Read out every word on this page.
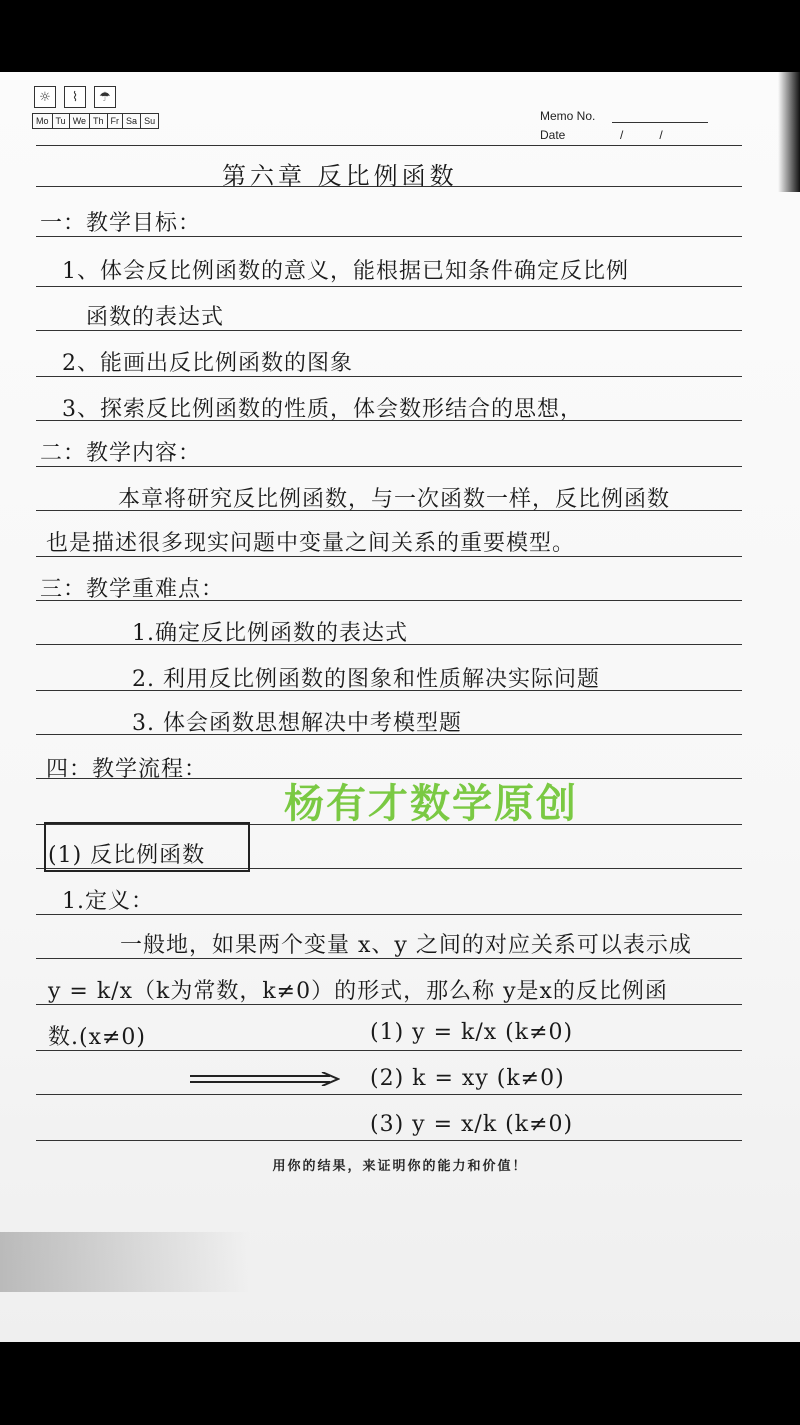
☼	⌇	☂
Mo Tu We Th Fr Sa Su	Memo No.
Date	/	/
第六章 反比例函数
一：教学目标：
1、体会反比例函数的意义，能根据已知条件确定反比例
函数的表达式
2、能画出反比例函数的图象
3、探索反比例函数的性质，体会数形结合的思想，
二：教学内容：
本章将研究反比例函数，与一次函数一样，反比例函数
也是描述很多现实问题中变量之间关系的重要模型。
三：教学重难点：
1.确定反比例函数的表达式
2. 利用反比例函数的图象和性质解决实际问题
3. 体会函数思想解决中考模型题
四：教学流程：
杨有才数学原创
(1) 反比例函数
1.定义：
一般地，如果两个变量 x、y 之间的对应关系可以表示成
y = k/x（k为常数，k≠0）的形式，那么称 y是x的反比例函
数.(x≠0)	(1) y = k/x (k≠0)
(2) k = xy (k≠0)
(3) y = x/k (k≠0)
用你的结果，来证明你的能力和价值！
